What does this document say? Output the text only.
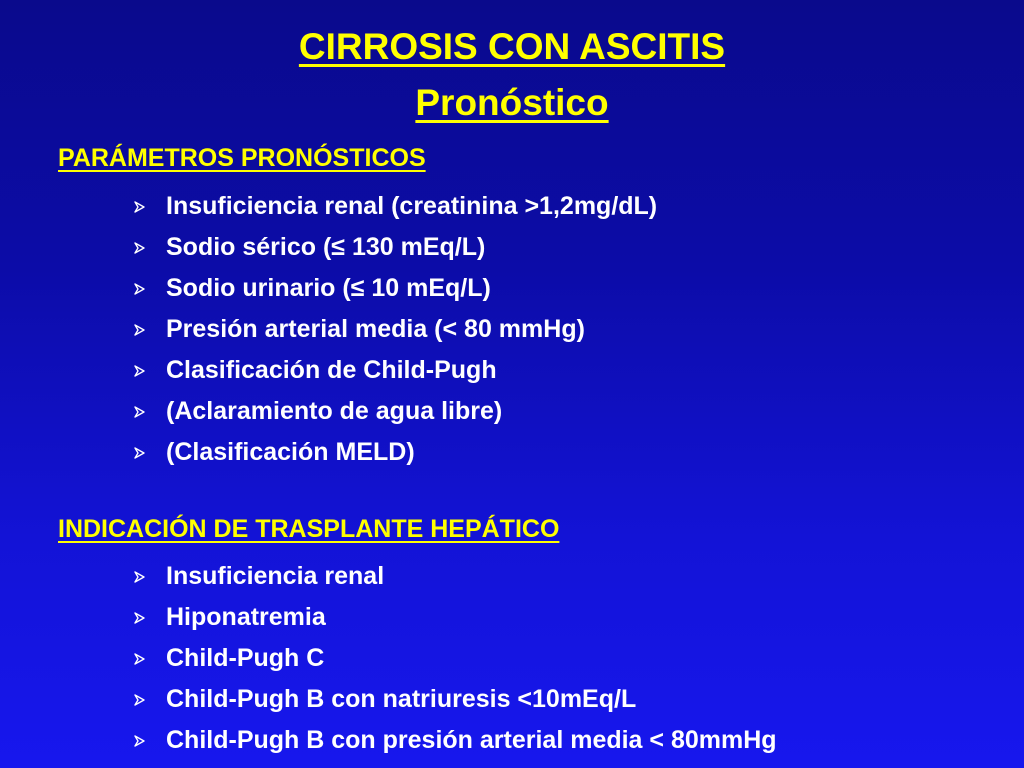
CIRROSIS CON ASCITIS
Pronóstico
PARÁMETROS PRONÓSTICOS
Insuficiencia renal (creatinina >1,2mg/dL)
Sodio sérico (≤ 130 mEq/L)
Sodio urinario (≤ 10 mEq/L)
Presión arterial media (< 80 mmHg)
Clasificación de Child-Pugh
(Aclaramiento de agua libre)
(Clasificación MELD)
INDICACIÓN DE TRASPLANTE HEPÁTICO
Insuficiencia renal
Hiponatremia
Child-Pugh C
Child-Pugh B con natriuresis <10mEq/L
Child-Pugh B con presión arterial media < 80mmHg
